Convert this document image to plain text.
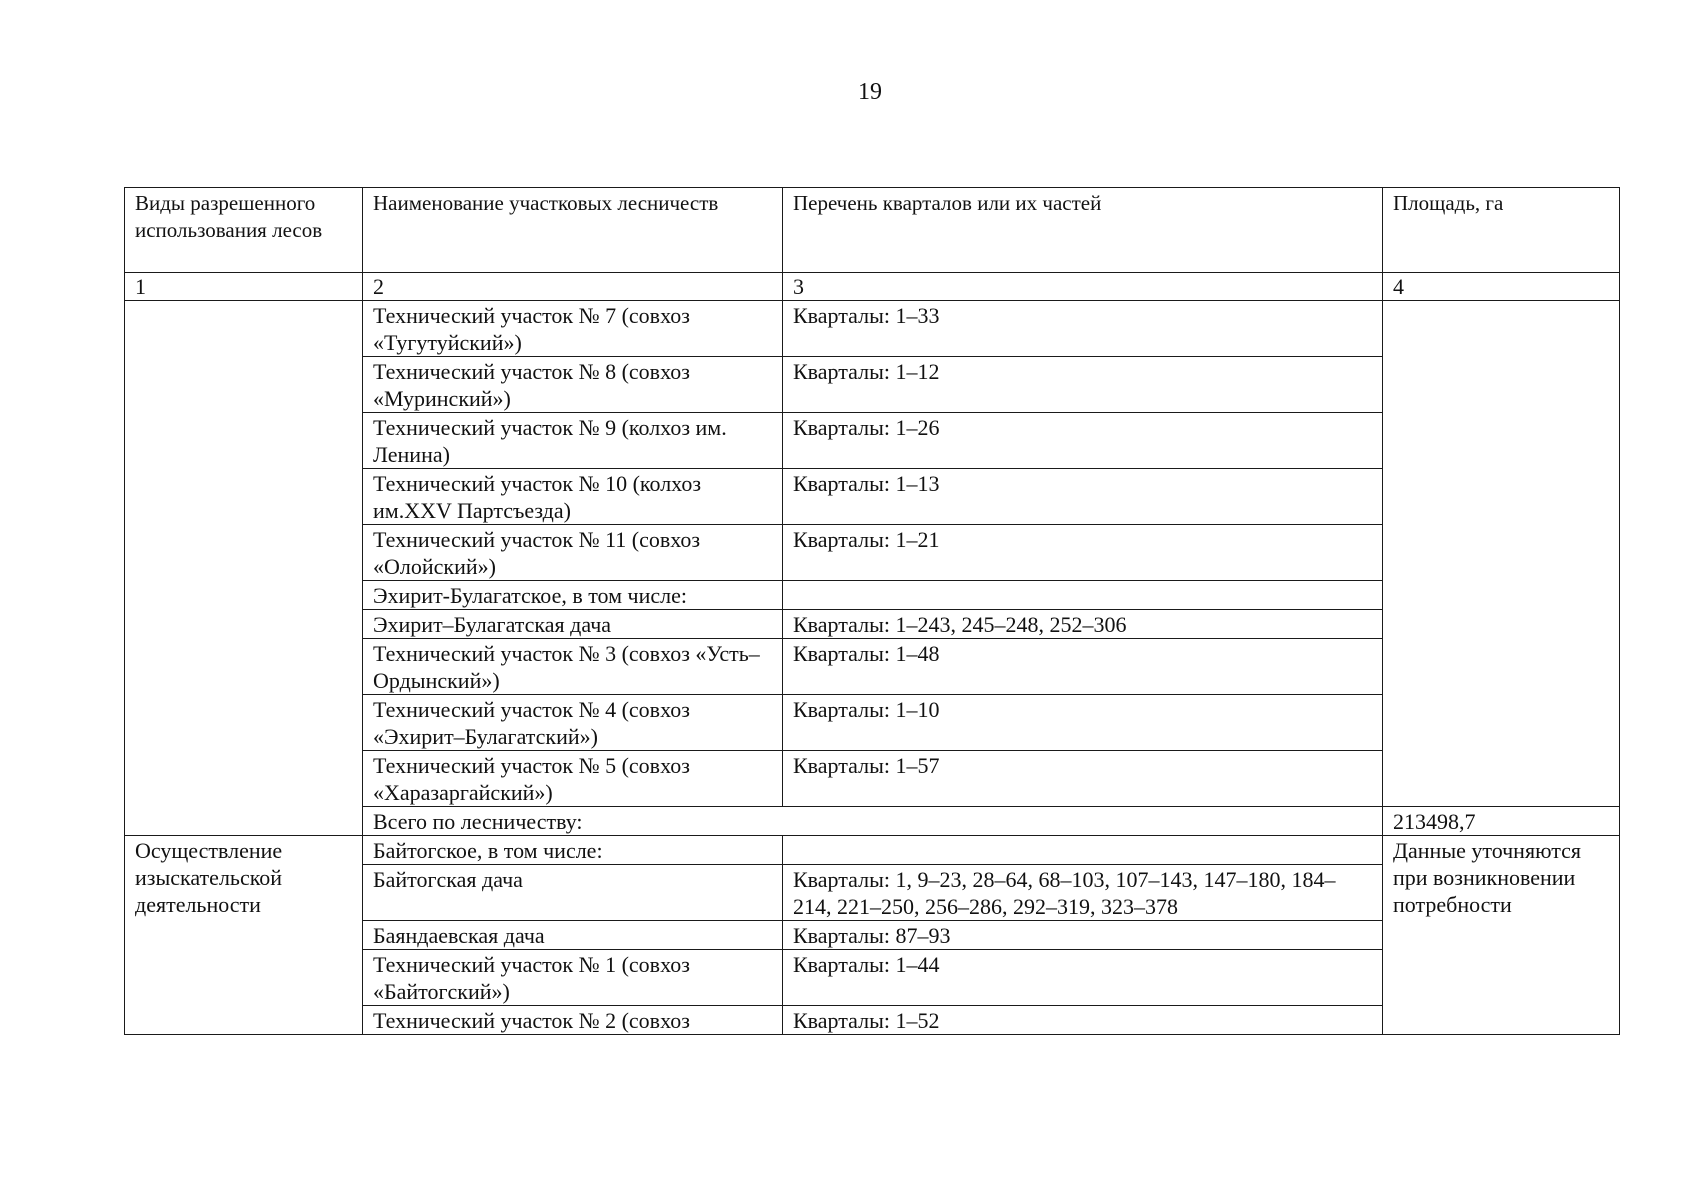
19
Виды разрешенного использования лесов	Наименование участковых лесничеств	Перечень кварталов или их частей	Площадь, га
1	2	3	4
	Технический участок № 7 (совхоз «Тугутуйский»)	Кварталы: 1–33	
	Технический участок № 8 (совхоз «Муринский»)	Кварталы: 1–12	
	Технический участок № 9 (колхоз им. Ленина)	Кварталы: 1–26	
	Технический участок № 10 (колхоз им.XXV Партсъезда)	Кварталы: 1–13	
	Технический участок № 11 (совхоз «Олойский»)	Кварталы: 1–21	
	Эхирит-Булагатское, в том числе:		
	Эхирит–Булагатская дача	Кварталы: 1–243, 245–248, 252–306	
	Технический участок № 3 (совхоз «Усть–Ордынский»)	Кварталы: 1–48	
	Технический участок № 4 (совхоз «Эхирит–Булагатский»)	Кварталы: 1–10	
	Технический участок № 5 (совхоз «Харазаргайский»)	Кварталы: 1–57	
	Всего по лесничеству:		213498,7
Осуществление изыскательской деятельности	Байтогское, в том числе:		Данные уточняются при возникновении потребности
	Байтогская дача	Кварталы: 1, 9–23, 28–64, 68–103, 107–143, 147–180, 184–214, 221–250, 256–286, 292–319, 323–378	
	Баяндаевская дача	Кварталы: 87–93	
	Технический участок № 1 (совхоз «Байтогский»)	Кварталы: 1–44	
	Технический участок № 2 (совхоз	Кварталы: 1–52	
